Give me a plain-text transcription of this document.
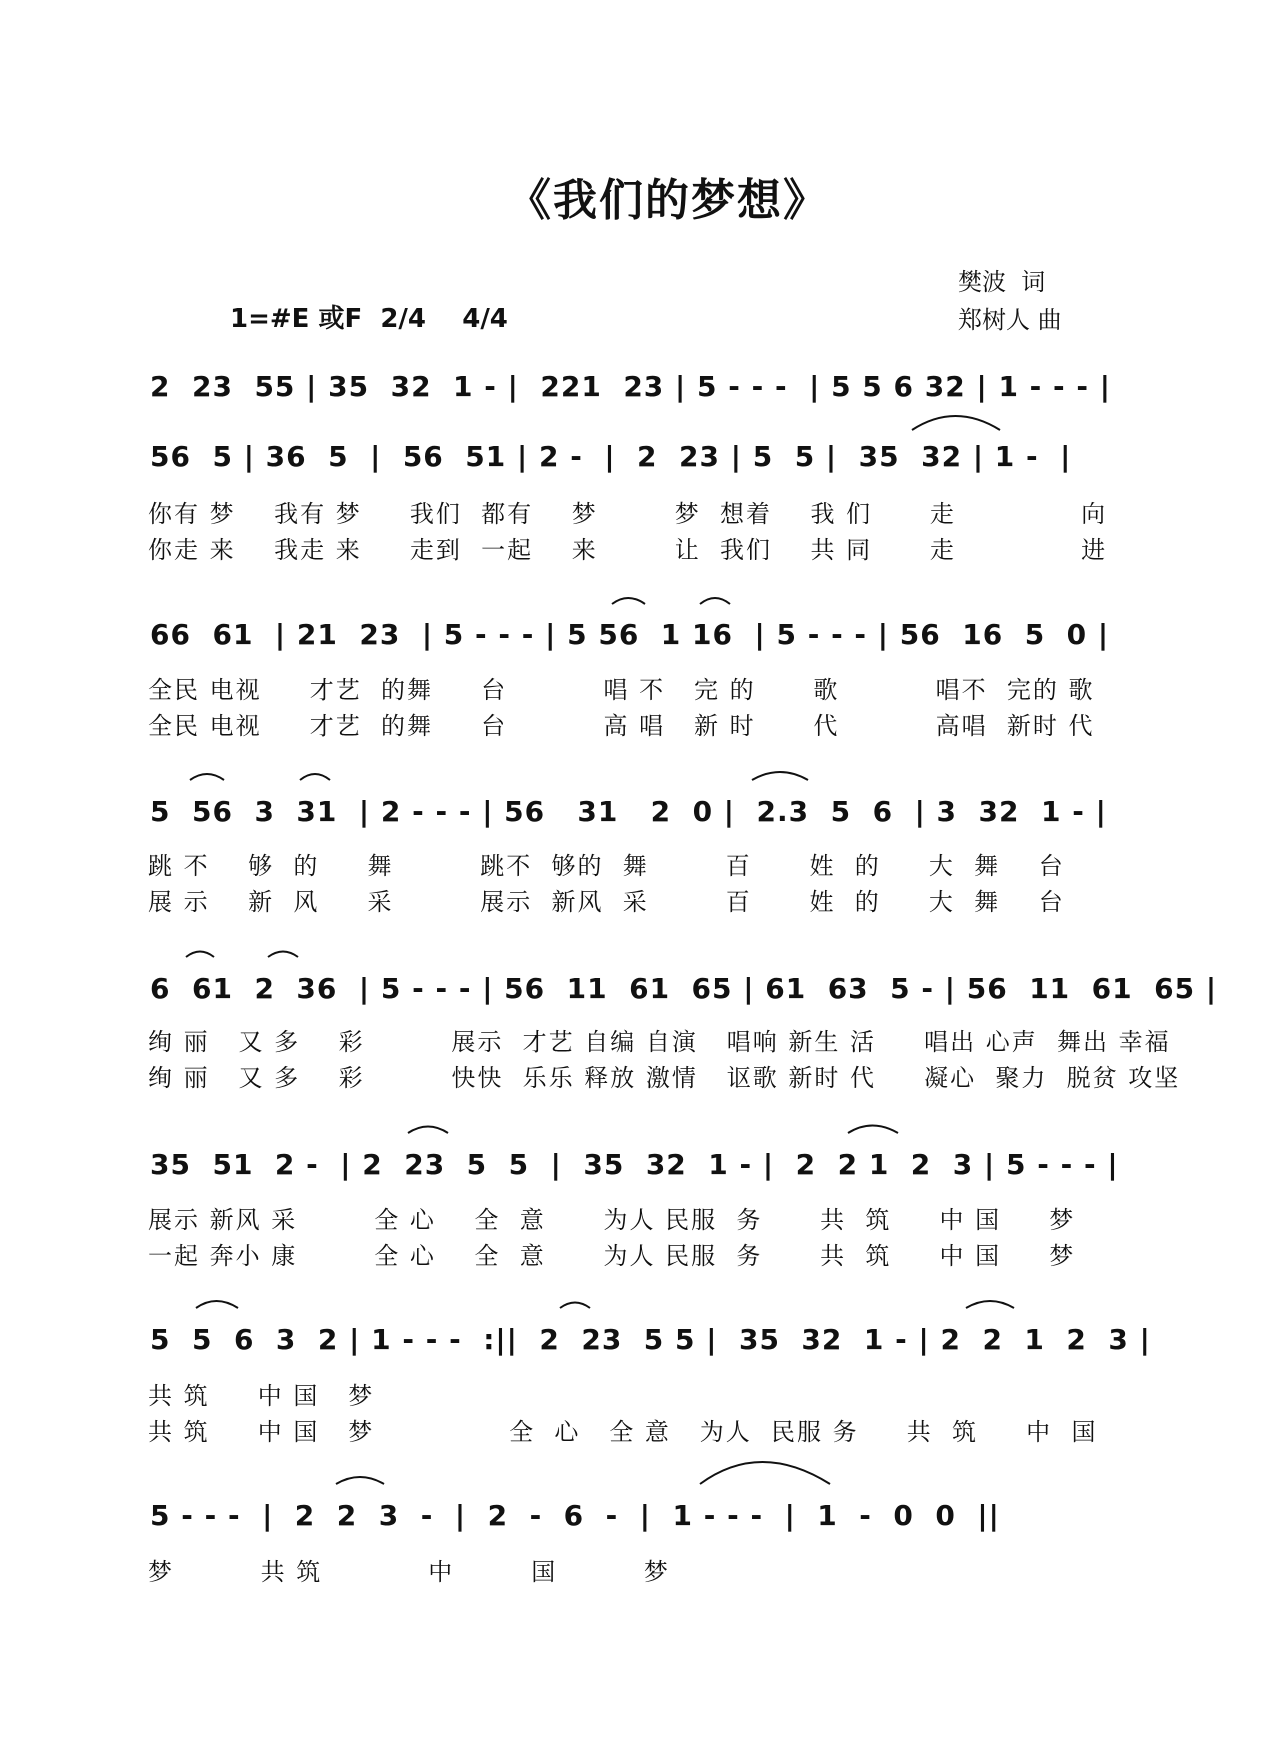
《我们的梦想》
樊波  词
郑树人 曲
1=#E 或F  2/4    4/4
2  23  55 | 35  32  1 - |  221  23 | 5 - - -  | 5 5 6 32 | 1 - - - |
56  5 | 36  5  |  56  51 | 2 -  |  2  23 | 5  5 |  35  32 | 1 -  |
你有 梦    我有 梦     我们  都有    梦        梦  想着    我 们      走             向
你走 来    我走 来     走到  一起    来        让  我们    共 同      走             进
66  61  | 21  23  | 5 - - - | 5 56  1 16  | 5 - - - | 56  16  5  0 |
全民 电视     才艺  的舞     台          唱 不   完 的      歌          唱不  完的 歌
全民 电视     才艺  的舞     台          高 唱   新 时      代          高唱  新时 代
5  56  3  31  | 2 - - - | 56   31   2  0 |  2.3  5  6  | 3  32  1 - |
跳 不    够  的     舞         跳不  够的  舞        百      姓  的     大  舞    台
展 示    新  风     采         展示  新风  采        百      姓  的     大  舞    台
6  61  2  36  | 5 - - - | 56  11  61  65 | 61  63  5 - | 56  11  61  65 |
绚 丽   又 多    彩         展示  才艺 自编 自演   唱响 新生 活     唱出 心声  舞出 幸福
绚 丽   又 多    彩         快快  乐乐 释放 激情   讴歌 新时 代     凝心  聚力  脱贫 攻坚
35  51  2 -  | 2  23  5  5  |  35  32  1 - |  2  2 1  2  3 | 5 - - - |
展示 新风 采        全 心    全  意      为人 民服  务      共  筑     中 国     梦
一起 奔小 康        全 心    全  意      为人 民服  务      共  筑     中 国     梦
5  5  6  3  2 | 1 - - -  :||  2  23  5 5 |  35  32  1 - | 2  2  1  2  3 |
共 筑     中 国   梦
共 筑     中 国   梦              全  心   全 意   为人  民服 务     共  筑     中  国
5 - - -  |  2  2  3  -  |  2  -  6  -  |  1 - - -  |  1  -  0  0  ||
梦         共 筑           中        国         梦
